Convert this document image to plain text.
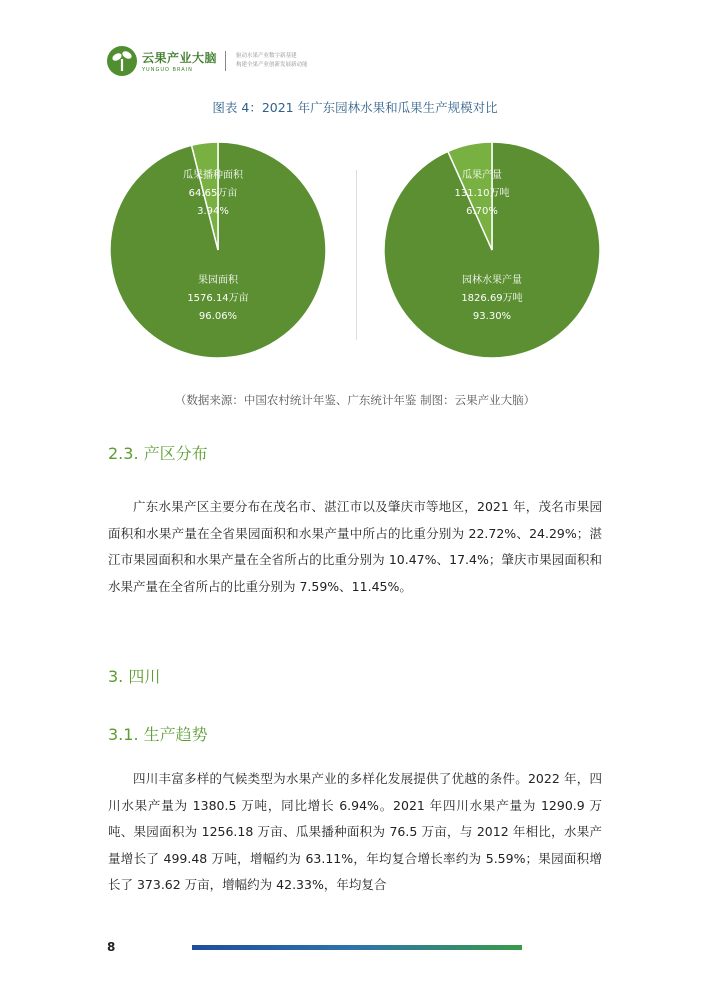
云果产业大脑
YUNGUO BRAIN
驱动水果产业数字新基建
构建全果产业创新发展新动能
图表 4：2021 年广东园林水果和瓜果生产规模对比
瓜果播种面积
64.65万亩
3.94%
果园面积
1576.14万亩
96.06%
瓜果产量
131.10万吨
6.70%
园林水果产量
1826.69万吨
93.30%
（数据来源：中国农村统计年鉴、广东统计年鉴 制图：云果产业大脑）
2.3. 产区分布

广东水果产区主要分布在茂名市、湛江市以及肇庆市等地区，2021 年，茂名市果园面积和水果产量在全省果园面积和水果产量中所占的比重分别为 22.72%、24.29%；湛江市果园面积和水果产量在全省所占的比重分别为 10.47%、17.4%；肇庆市果园面积和水果产量在全省所占的比重分别为 7.59%、11.45%。

3. 四川
3.1. 生产趋势

四川丰富多样的气候类型为水果产业的多样化发展提供了优越的条件。2022 年，四川水果产量为 1380.5 万吨，同比增长 6.94%。2021 年四川水果产量为 1290.9 万吨、果园面积为 1256.18 万亩、瓜果播种面积为 76.5 万亩，与 2012 年相比，水果产量增长了 499.48 万吨，增幅约为 63.11%，年均复合增长率约为 5.59%；果园面积增长了 373.62 万亩，增幅约为 42.33%，年均复合

8
